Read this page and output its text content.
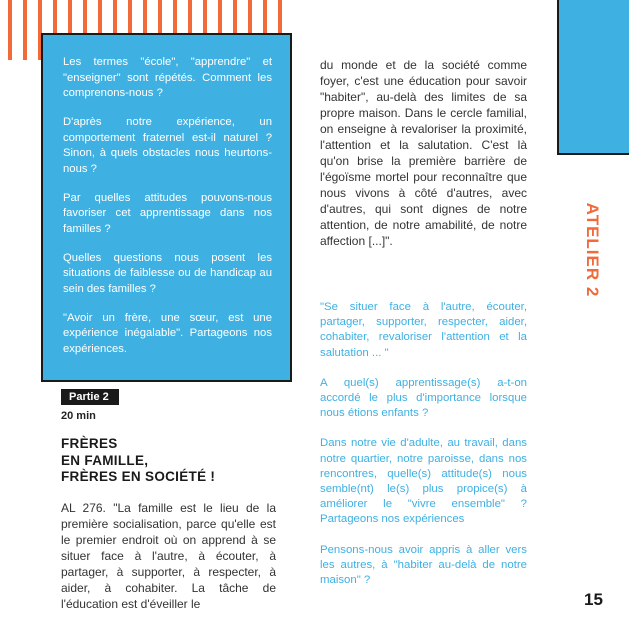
Les termes "école", "apprendre" et "enseigner" sont répétés. Comment les comprenons-nous ?

D'après notre expérience, un comportement fraternel est-il naturel ? Sinon, à quels obstacles nous heurtons-nous ?

Par quelles attitudes pouvons-nous favoriser cet apprentissage dans nos familles ?

Quelles questions nous posent les situations de faiblesse ou de handicap au sein des familles ?

"Avoir un frère, une sœur, est une expérience inégalable". Partageons nos expériences.

Partie 2
20 min
FRÈRES
EN FAMILLE,
FRÈRES EN SOCIÉTÉ !

AL 276. "La famille est le lieu de la première socialisation, parce qu'elle est le premier endroit où on apprend à se situer face à l'autre, à écouter, à partager, à supporter, à respecter, à aider, à cohabiter. La tâche de l'éducation est d'éveiller le

du monde et de la société comme foyer, c'est une éducation pour savoir "habiter", au-delà des limites de sa propre maison. Dans le cercle familial, on enseigne à revaloriser la proximité, l'attention et la salutation. C'est là qu'on brise la première barrière de l'égoïsme mortel pour reconnaître que nous vivons à côté d'autres, avec d'autres, qui sont dignes de notre attention, de notre amabilité, de notre affection [...]".

"Se situer face à l'autre, écouter, partager, supporter, respecter, aider, cohabiter, revaloriser l'attention et la salutation ... "

A quel(s) apprentissage(s) a-t-on accordé le plus d'importance lorsque nous étions enfants ?

Dans notre vie d'adulte, au travail, dans notre quartier, notre paroisse, dans nos rencontres, quelle(s) attitude(s) nous semble(nt) le(s) plus propice(s) à améliorer le "vivre ensemble" ? Partageons nos expériences

Pensons-nous avoir appris à aller vers les autres, à "habiter au-delà de notre maison" ?

ATELIER 2
15
